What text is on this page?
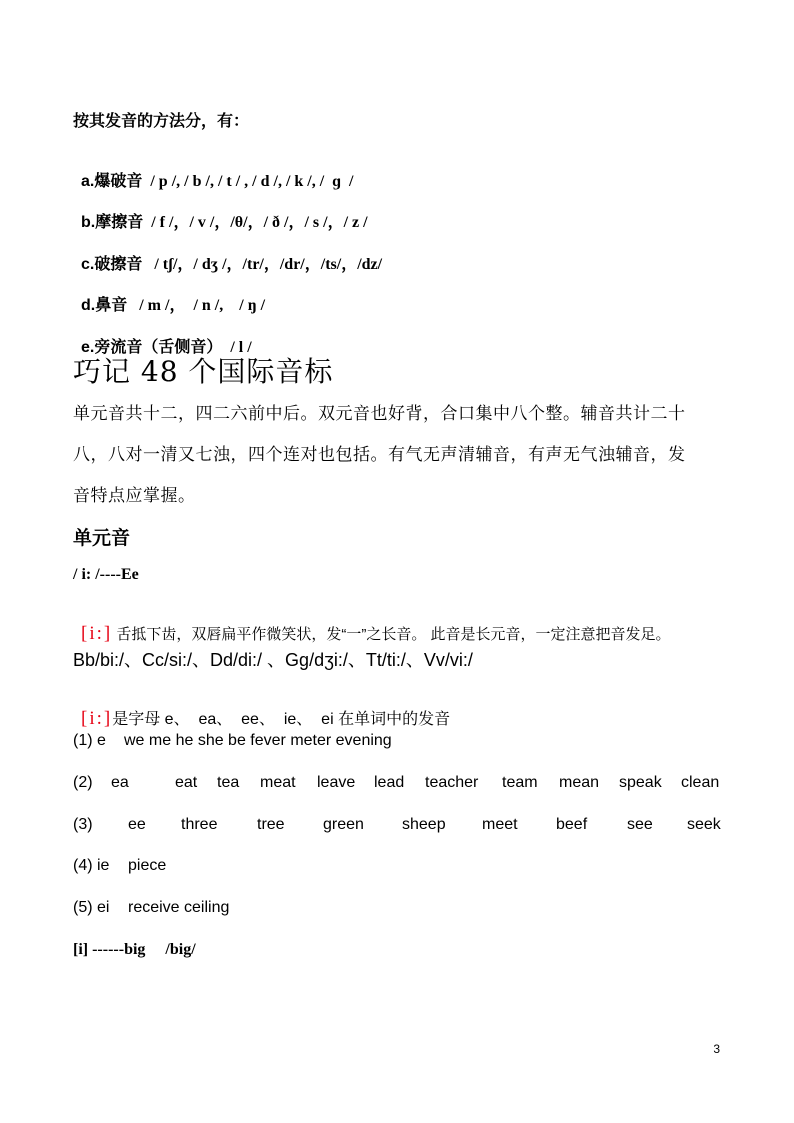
按其发音的方法分，有：

a.爆破音  / p /, / b /, / t / , / d /, / k /, /  ɡ  /

b.摩擦音  / f /，/ v /，/θ/，/ ð /，/ s /，/ z /

c.破擦音   / tʃ/，/ dʒ /，/tr/，/dr/，/ts/，/dz/

d.鼻音   / m /，  / n /,    / ŋ /

e.旁流音（舌侧音）  / l /

巧记 48 个国际音标
单元音共十二，四二六前中后。双元音也好背，合口集中八个整。辅音共计二十
八，八对一清又七浊，四个连对也包括。有气无声清辅音，有声无气浊辅音，发
音特点应掌握。
单元音
/ i: /----Ee

[i:] 舌抵下齿，双唇扁平作微笑状，发“一”之长音。 此音是长元音，一定注意把音发足。

Bb/bi:/、Cc/si:/、Dd/di:/ 、Gg/dʒi:/、Tt/ti:/、Vv/vi:/

[i:]是字母 e、  ea、  ee、  ie、  ei 在单词中的发音

(1) e we me he she be fever meter evening
(2) ea	eat tea meat leave lead teacher team mean speak clean
(3) ee three tree green sheep meet beef see seek
(4) ie piece
(5) ei receive ceiling
[i] ------big     /big/
3
